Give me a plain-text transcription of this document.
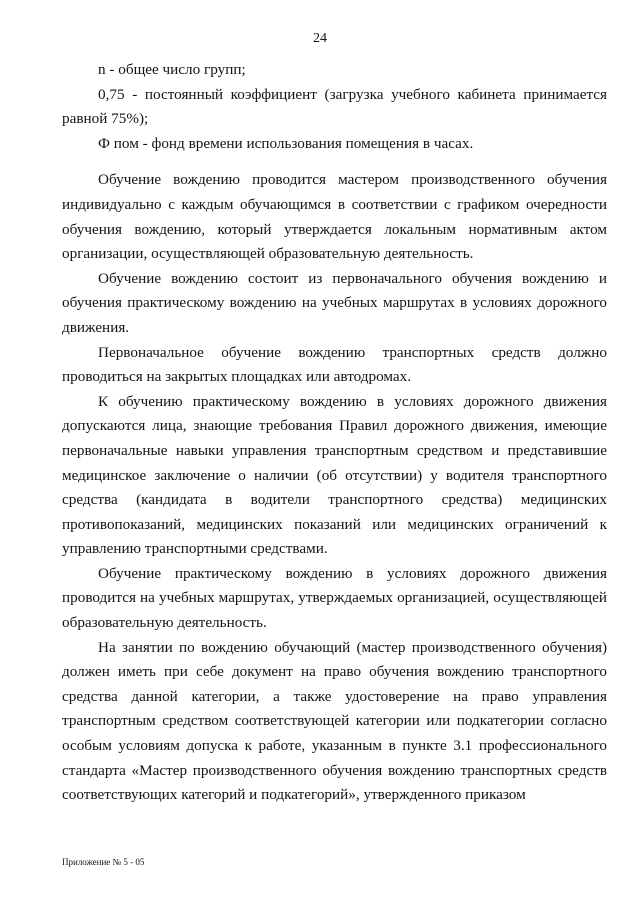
24

n - общее число групп;

0,75 - постоянный коэффициент (загрузка учебного кабинета принимается равной 75%);

Ф пом - фонд времени использования помещения в часах.

Обучение вождению проводится мастером производственного обучения индивидуально с каждым обучающимся в соответствии с графиком очередности обучения вождению, который утверждается локальным нормативным актом организации, осуществляющей образовательную деятельность.

Обучение вождению состоит из первоначального обучения вождению и обучения практическому вождению на учебных маршрутах в условиях дорожного движения.

Первоначальное обучение вождению транспортных средств должно проводиться на закрытых площадках или автодромах.

К обучению практическому вождению в условиях дорожного движения допускаются лица, знающие требования Правил дорожного движения, имеющие первоначальные навыки управления транспортным средством и представившие медицинское заключение о наличии (об отсутствии) у водителя транспортного средства (кандидата в водители транспортного средства) медицинских противопоказаний, медицинских показаний или медицинских ограничений к управлению транспортными средствами.

Обучение практическому вождению в условиях дорожного движения проводится на учебных маршрутах, утверждаемых организацией, осуществляющей образовательную деятельность.

На занятии по вождению обучающий (мастер производственного обучения) должен иметь при себе документ на право обучения вождению транспортного средства данной категории, а также удостоверение на право управления транспортным средством соответствующей категории или подкатегории согласно особым условиям допуска к работе, указанным в пункте 3.1 профессионального стандарта «Мастер производственного обучения вождению транспортных средств соответствующих категорий и подкатегорий», утвержденного приказом

Приложение № 5 - 05
